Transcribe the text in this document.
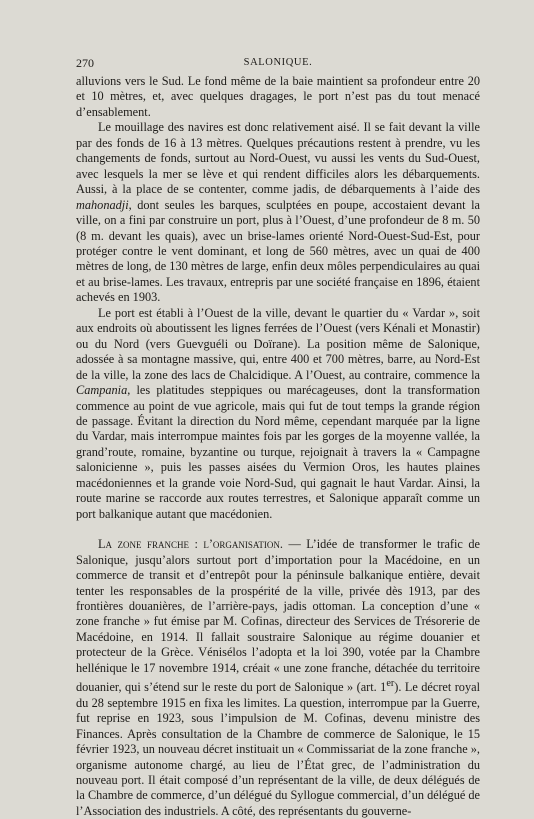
270	SALONIQUE.

alluvions vers le Sud. Le fond même de la baie maintient sa profondeur entre 20 et 10 mètres, et, avec quelques dragages, le port n’est pas du tout menacé d’ensablement.

Le mouillage des navires est donc relativement aisé. Il se fait devant la ville par des fonds de 16 à 13 mètres. Quelques précautions restent à prendre, vu les changements de fonds, surtout au Nord-Ouest, vu aussi les vents du Sud-Ouest, avec lesquels la mer se lève et qui rendent difficiles alors les débarquements. Aussi, à la place de se contenter, comme jadis, de débarquements à l’aide des mahonadji, dont seules les barques, sculptées en poupe, accostaient devant la ville, on a fini par construire un port, plus à l’Ouest, d’une profondeur de 8 m. 50 (8 m. devant les quais), avec un brise-lames orienté Nord-Ouest-Sud-Est, pour protéger contre le vent dominant, et long de 560 mètres, avec un quai de 400 mètres de long, de 130 mètres de large, enfin deux môles perpendiculaires au quai et au brise-lames. Les travaux, entrepris par une société française en 1896, étaient achevés en 1903.

Le port est établi à l’Ouest de la ville, devant le quartier du « Vardar », soit aux endroits où aboutissent les lignes ferrées de l’Ouest (vers Kénali et Monastir) ou du Nord (vers Guevguéli ou Doïrane). La position même de Salonique, adossée à sa montagne massive, qui, entre 400 et 700 mètres, barre, au Nord-Est de la ville, la zone des lacs de Chalcidique. A l’Ouest, au contraire, commence la Campania, les platitudes steppiques ou marécageuses, dont la transformation commence au point de vue agricole, mais qui fut de tout temps la grande région de passage. Évitant la direction du Nord même, cependant marquée par la ligne du Vardar, mais interrompue maintes fois par les gorges de la moyenne vallée, la grand’route, romaine, byzantine ou turque, rejoignait à travers la « Campagne salonicienne », puis les passes aisées du Vermion Oros, les hautes plaines macédoniennes et la grande voie Nord-Sud, qui gagnait le haut Vardar. Ainsi, la route marine se raccorde aux routes terrestres, et Salonique apparaît comme un port balkanique autant que macédonien.

La zone franche : l’organisation. — L’idée de transformer le trafic de Salonique, jusqu’alors surtout port d’importation pour la Macédoine, en un commerce de transit et d’entrepôt pour la péninsule balkanique entière, devait tenter les responsables de la prospérité de la ville, privée dès 1913, par des frontières douanières, de l’arrière-pays, jadis ottoman. La conception d’une « zone franche » fut émise par M. Cofinas, directeur des Services de Trésorerie de Macédoine, en 1914. Il fallait soustraire Salonique au régime douanier et protecteur de la Grèce. Vénisélos l’adopta et la loi 390, votée par la Chambre hellénique le 17 novembre 1914, créait « une zone franche, détachée du territoire douanier, qui s’étend sur le reste du port de Salonique » (art. 1er). Le décret royal du 28 septembre 1915 en fixa les limites. La question, interrompue par la Guerre, fut reprise en 1923, sous l’impulsion de M. Cofinas, devenu ministre des Finances. Après consultation de la Chambre de commerce de Salonique, le 15 février 1923, un nouveau décret instituait un « Commissariat de la zone franche », organisme autonome chargé, au lieu de l’État grec, de l’administration du nouveau port. Il était composé d’un représentant de la ville, de deux délégués de la Chambre de commerce, d’un délégué du Syllogue commercial, d’un délégué de l’Association des industriels. A côté, des représentants du gouverne-
